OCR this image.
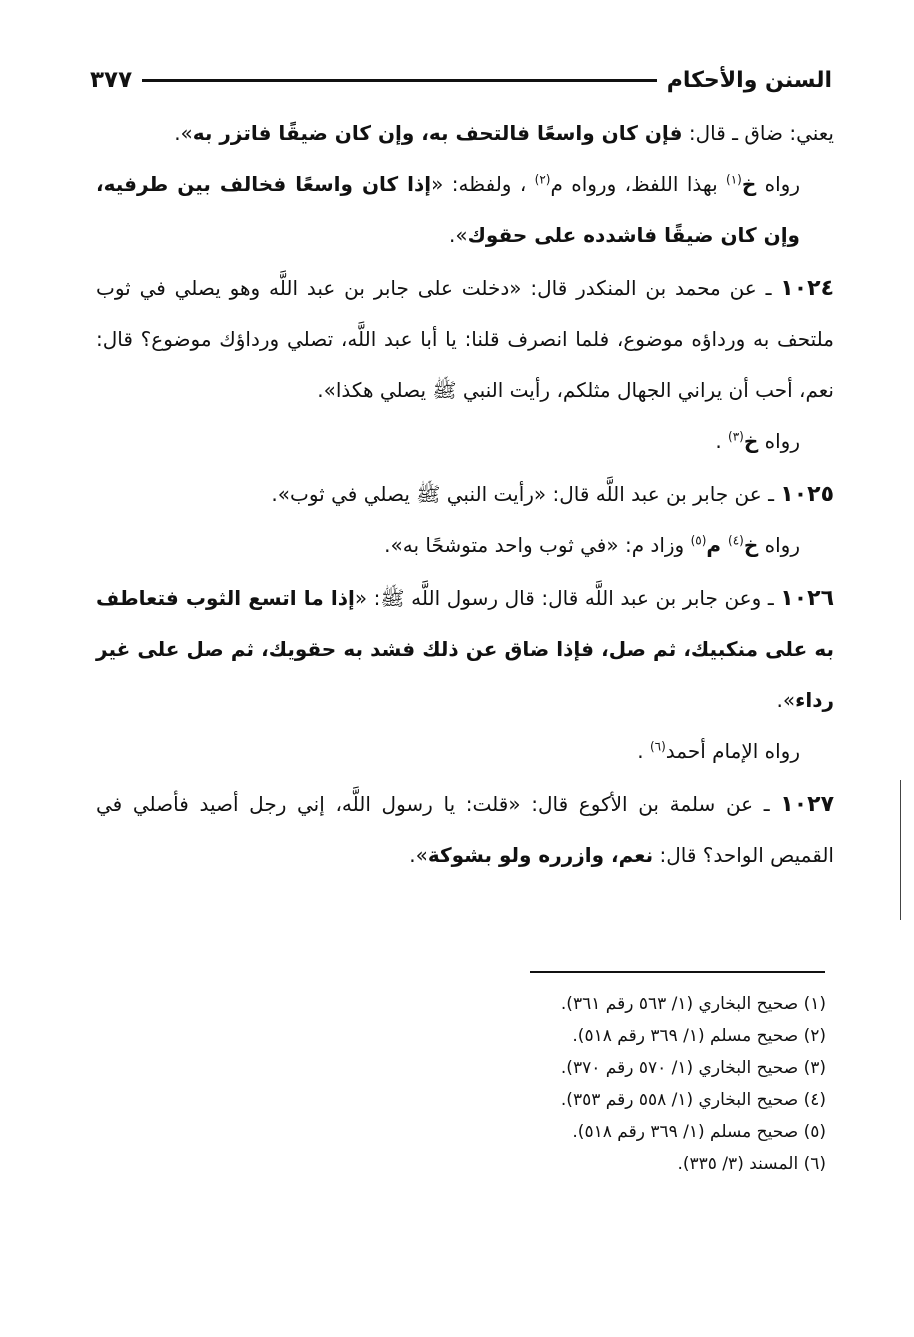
السنن والأحكام
٣٧٧

يعني: ضاق ـ قال: فإن كان واسعًا فالتحف به، وإن كان ضيقًا فاتزر به».

رواه خ$^{(١)}$ بهذا اللفظ، ورواه م$^{(٢)}$ ، ولفظه: «إذا كان واسعًا فخالف بين طرفيه، وإن كان ضيقًا فاشدده على حقوك».

١٠٢٤ ـ عن محمد بن المنكدر قال: «دخلت على جابر بن عبد اللَّه وهو يصلي في ثوب ملتحف به ورداؤه موضوع، فلما انصرف قلنا: يا أبا عبد اللَّه، تصلي ورداؤك موضوع؟ قال: نعم، أحب أن يراني الجهال مثلكم، رأيت النبي ﷺ يصلي هكذا».

رواه خ$^{(٣)}$ .

١٠٢٥ ـ عن جابر بن عبد اللَّه قال: «رأيت النبي ﷺ يصلي في ثوب».

رواه خ$^{(٤)}$ م$^{(٥)}$ وزاد م: «في ثوب واحد متوشحًا به».

١٠٢٦ ـ وعن جابر بن عبد اللَّه قال: قال رسول اللَّه ﷺ: «إذا ما اتسع الثوب فتعاطف به على منكبيك، ثم صل، فإذا ضاق عن ذلك فشد به حقويك، ثم صل على غير رداء».

رواه الإمام أحمد$^{(٦)}$ .

١٠٢٧ ـ عن سلمة بن الأكوع قال: «قلت: يا رسول اللَّه، إني رجل أصيد فأصلي في القميص الواحد؟ قال: نعم، وازرره ولو بشوكة».

(١) صحيح البخاري (١/ ٥٦٣ رقم ٣٦١).

(٢) صحيح مسلم (١/ ٣٦٩ رقم ٥١٨).

(٣) صحيح البخاري (١/ ٥٧٠ رقم ٣٧٠).

(٤) صحيح البخاري (١/ ٥٥٨ رقم ٣٥٣).

(٥) صحيح مسلم (١/ ٣٦٩ رقم ٥١٨).

(٦) المسند (٣/ ٣٣٥).
